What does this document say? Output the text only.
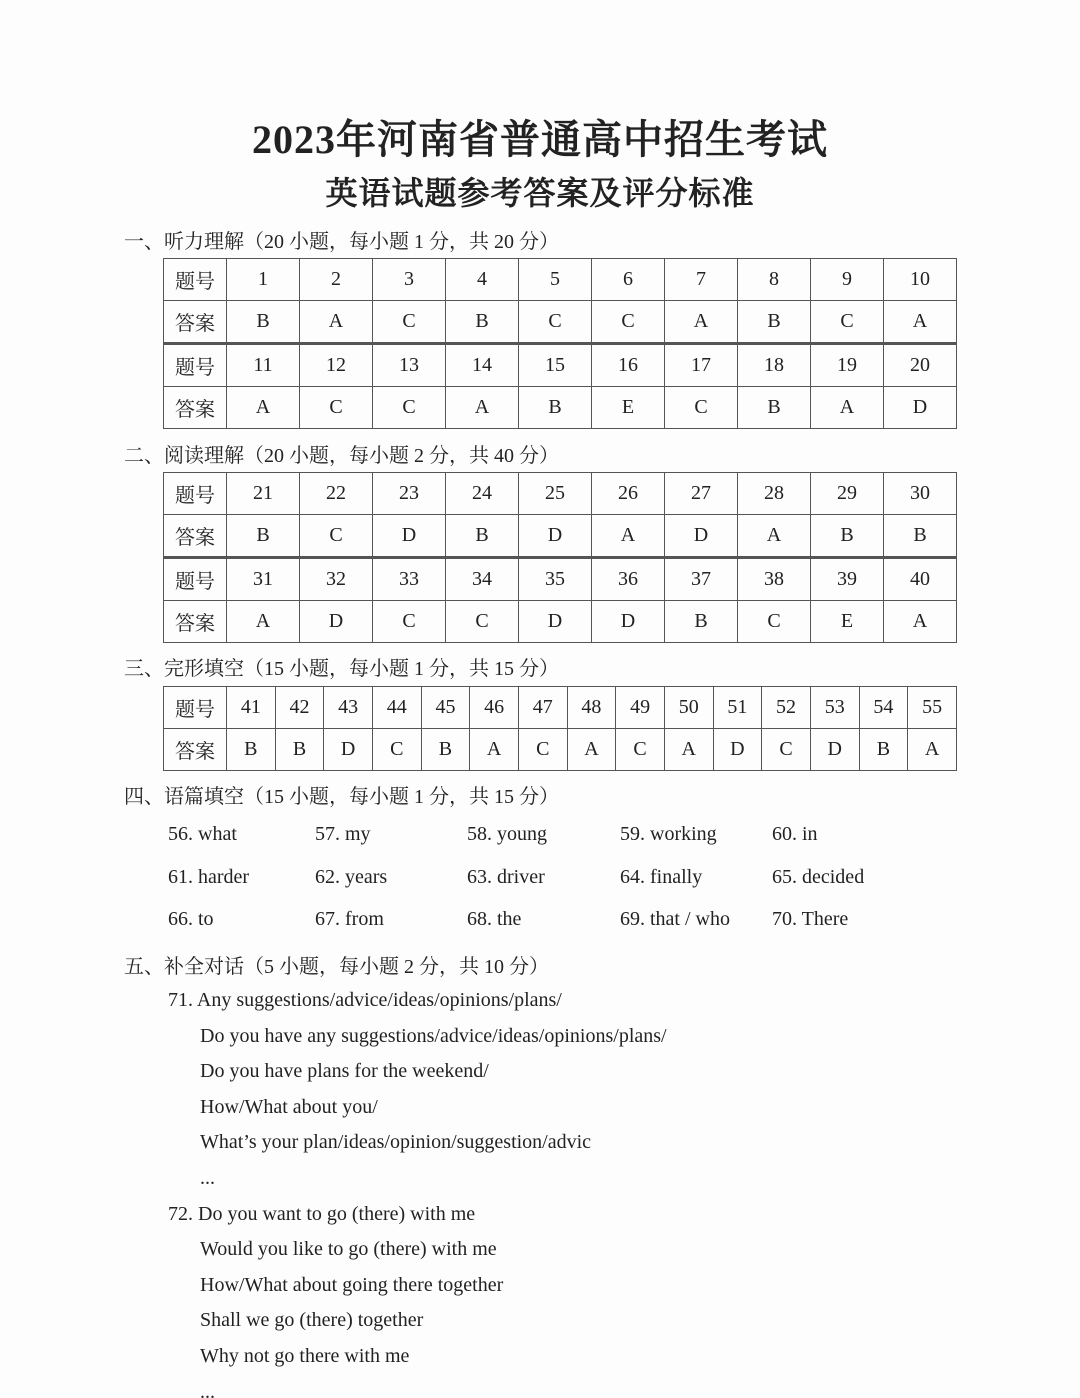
2023年河南省普通高中招生考试
英语试题参考答案及评分标准
一、听力理解（20 小题，每小题 1 分，共 20 分）
题号	1	2	3	4	5	6	7	8	9	10
答案	B	A	C	B	C	C	A	B	C	A
题号	11	12	13	14	15	16	17	18	19	20
答案	A	C	C	A	B	E	C	B	A	D
二、阅读理解（20 小题，每小题 2 分，共 40 分）
题号	21	22	23	24	25	26	27	28	29	30
答案	B	C	D	B	D	A	D	A	B	B
题号	31	32	33	34	35	36	37	38	39	40
答案	A	D	C	C	D	D	B	C	E	A
三、完形填空（15 小题，每小题 1 分，共 15 分）
题号	41	42	43	44	45	46	47	48	49	50	51	52	53	54	55
答案	B	B	D	C	B	A	C	A	C	A	D	C	D	B	A
四、语篇填空（15 小题，每小题 1 分，共 15 分）
56. what	57. my	58. young	59. working	60. in
61. harder	62. years	63. driver	64. finally	65. decided
66. to	67. from	68. the	69. that / who 70. There
五、补全对话（5 小题，每小题 2 分，共 10 分）
71. Any suggestions/advice/ideas/opinions/plans/
Do you have any suggestions/advice/ideas/opinions/plans/
Do you have plans for the weekend/
How/What about you/
What’s your plan/ideas/opinion/suggestion/advic
...
72. Do you want to go (there) with me
Would you like to go (there) with me
How/What about going there together
Shall we go (there) together
Why not go there with me
...
